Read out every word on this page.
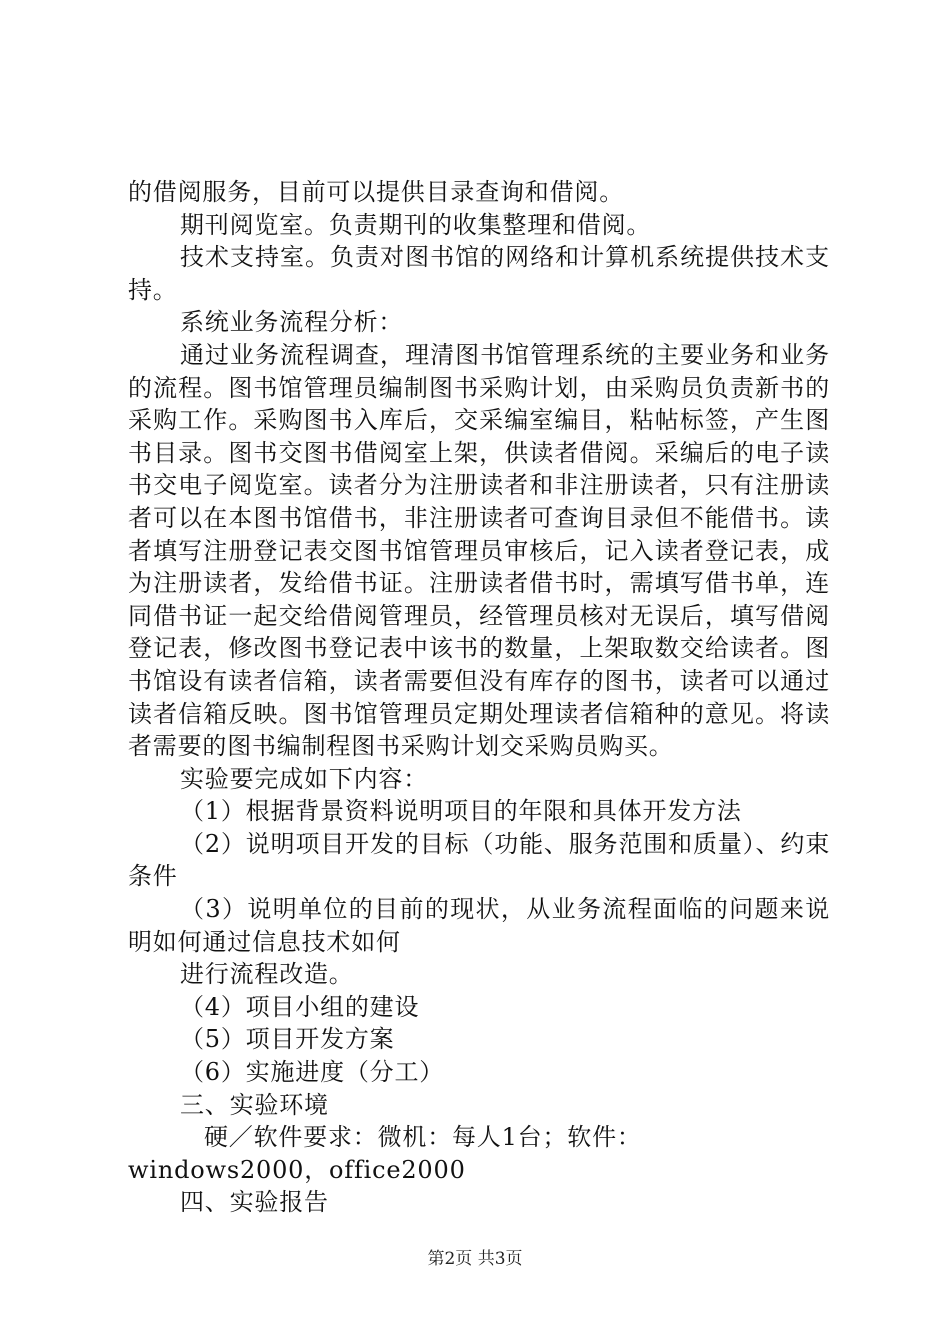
的借阅服务，目前可以提供目录查询和借阅。

期刊阅览室。负责期刊的收集整理和借阅。

技术支持室。负责对图书馆的网络和计算机系统提供技术支持。

系统业务流程分析：

通过业务流程调查，理清图书馆管理系统的主要业务和业务的流程。图书馆管理员编制图书采购计划，由采购员负责新书的采购工作。采购图书入库后，交采编室编目，粘帖标签，产生图书目录。图书交图书借阅室上架，供读者借阅。采编后的电子读书交电子阅览室。读者分为注册读者和非注册读者，只有注册读者可以在本图书馆借书，非注册读者可查询目录但不能借书。读者填写注册登记表交图书馆管理员审核后，记入读者登记表，成为注册读者，发给借书证。注册读者借书时，需填写借书单，连同借书证一起交给借阅管理员，经管理员核对无误后，填写借阅登记表，修改图书登记表中该书的数量，上架取数交给读者。图书馆设有读者信箱，读者需要但没有库存的图书，读者可以通过读者信箱反映。图书馆管理员定期处理读者信箱种的意见。将读者需要的图书编制程图书采购计划交采购员购买。

实验要完成如下内容：

（1）根据背景资料说明项目的年限和具体开发方法

（2）说明项目开发的目标（功能、服务范围和质量）、约束条件

（3）说明单位的目前的现状，从业务流程面临的问题来说明如何通过信息技术如何

进行流程改造。

（4）项目小组的建设

（5）项目开发方案

（6）实施进度（分工）

三、实验环境

硬／软件要求：微机：每人1台；软件：

windows2000，office2000

四、实验报告

第2页 共3页
